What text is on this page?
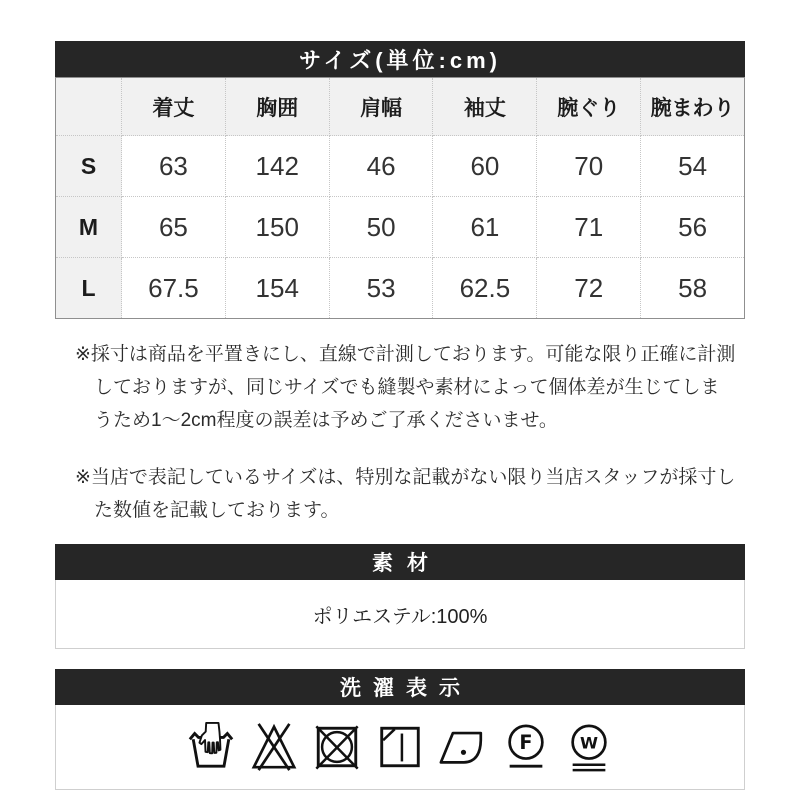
サイズ(単位:cm)
	着丈	胸囲	肩幅	袖丈	腕ぐり	腕まわり
S	63	142	46	60	70	54
M	65	150	50	61	71	56
L	67.5	154	53	62.5	72	58

※採寸は商品を平置きにし、直線で計測しております。可能な限り正確に計測しておりますが、同じサイズでも縫製や素材によって個体差が生じてしまうため1〜2cm程度の誤差は予めご了承くださいませ。

※当店で表記しているサイズは、特別な記載がない限り当店スタッフが採寸した数値を記載しております。

素材
ポリエステル:100%
洗濯表示
F	W
